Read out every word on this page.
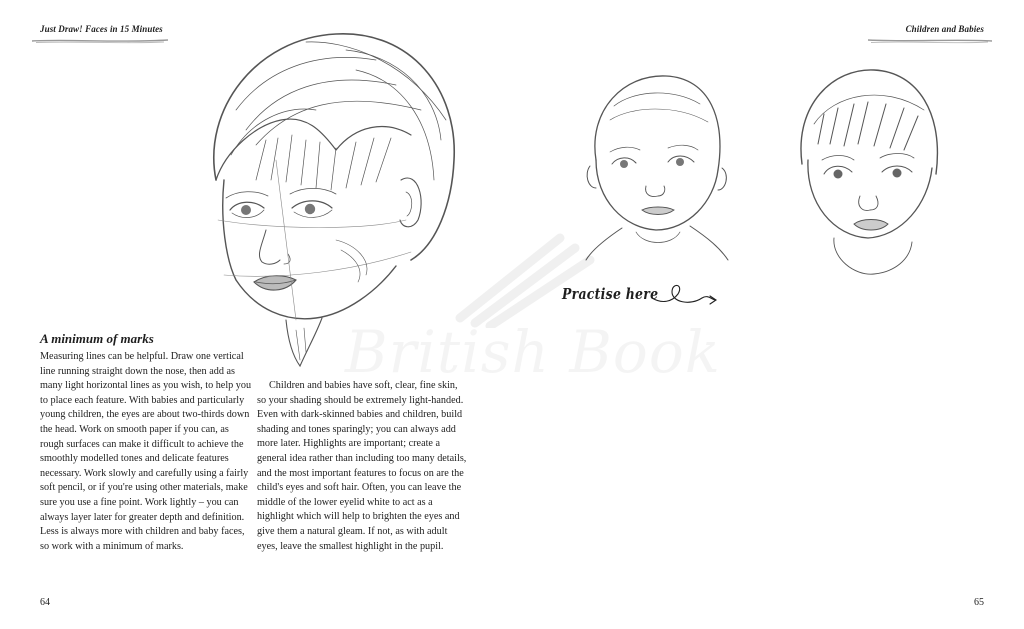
Just Draw! Faces in 15 Minutes	Children and Babies
Practise here
A minimum of marks

Measuring lines can be helpful. Draw one vertical line running straight down the nose, then add as many light horizontal lines as you wish, to help you to place each feature. With babies and particularly young children, the eyes are about two-thirds down the head. Work on smooth paper if you can, as rough surfaces can make it difficult to achieve the smoothly modelled tones and delicate features necessary. Work slowly and carefully using a fairly soft pencil, or if you're using other materials, make sure you use a fine point. Work lightly – you can always layer later for greater depth and definition. Less is always more with children and baby faces, so work with a minimum of marks.

Children and babies have soft, clear, fine skin, so your shading should be extremely light-handed. Even with dark-skinned babies and children, build shading and tones sparingly; you can always add more later. Highlights are important; create a general idea rather than including too many details, and the most important features to focus on are the child's eyes and soft hair. Often, you can leave the middle of the lower eyelid white to act as a highlight which will help to brighten the eyes and give them a natural gleam. If not, as with adult eyes, leave the smallest highlight in the pupil.

64	65
